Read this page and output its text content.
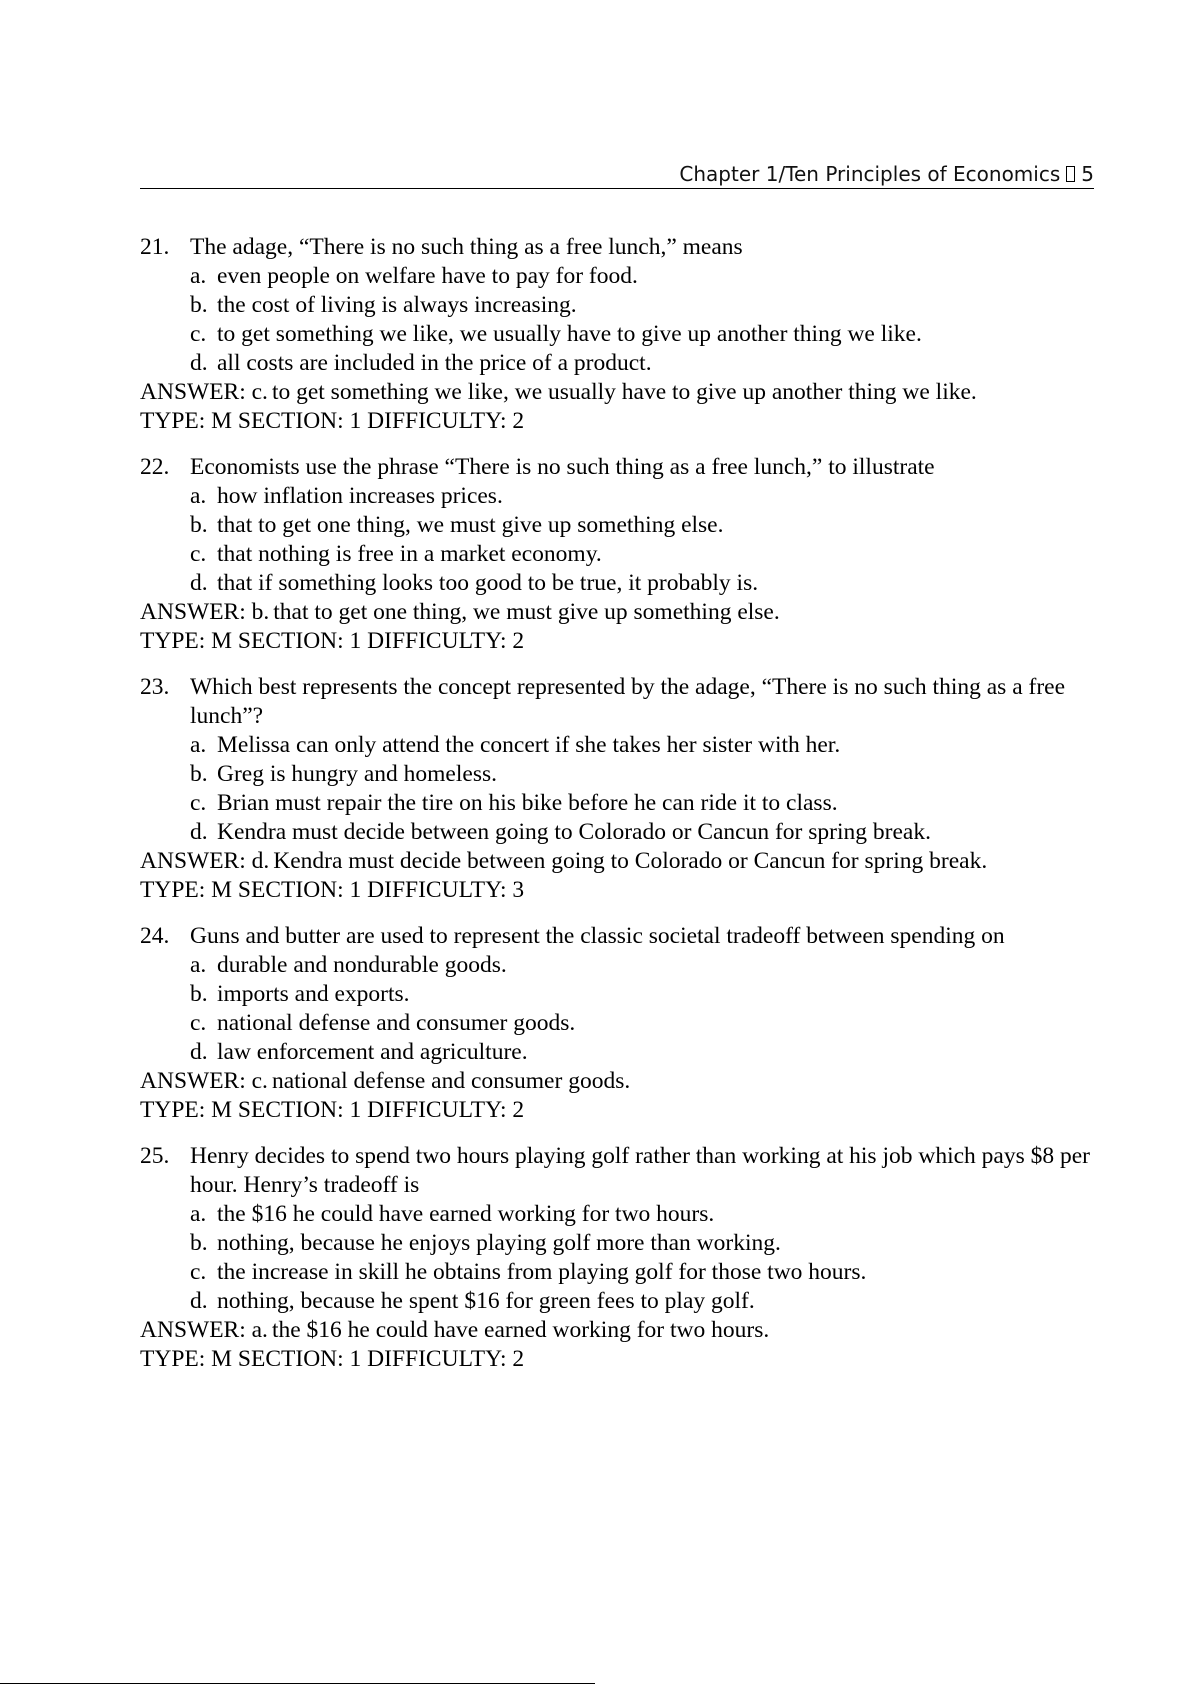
Chapter 1/Ten Principles of Economics 5
21. The adage, “There is no such thing as a free lunch,” means
a. even people on welfare have to pay for food.
b. the cost of living is always increasing.
c. to get something we like, we usually have to give up another thing we like.
d. all costs are included in the price of a product.
ANSWER: c. to get something we like, we usually have to give up another thing we like.
TYPE: M SECTION: 1 DIFFICULTY: 2
22. Economists use the phrase “There is no such thing as a free lunch,” to illustrate
a. how inflation increases prices.
b. that to get one thing, we must give up something else.
c. that nothing is free in a market economy.
d. that if something looks too good to be true, it probably is.
ANSWER: b. that to get one thing, we must give up something else.
TYPE: M SECTION: 1 DIFFICULTY: 2
23. Which best represents the concept represented by the adage, “There is no such thing as a free lunch”?
a. Melissa can only attend the concert if she takes her sister with her.
b. Greg is hungry and homeless.
c. Brian must repair the tire on his bike before he can ride it to class.
d. Kendra must decide between going to Colorado or Cancun for spring break.
ANSWER: d. Kendra must decide between going to Colorado or Cancun for spring break.
TYPE: M SECTION: 1 DIFFICULTY: 3
24. Guns and butter are used to represent the classic societal tradeoff between spending on
a. durable and nondurable goods.
b. imports and exports.
c. national defense and consumer goods.
d. law enforcement and agriculture.
ANSWER: c. national defense and consumer goods.
TYPE: M SECTION: 1 DIFFICULTY: 2
25. Henry decides to spend two hours playing golf rather than working at his job which pays $8 per hour. Henry’s tradeoff is
a. the $16 he could have earned working for two hours.
b. nothing, because he enjoys playing golf more than working.
c. the increase in skill he obtains from playing golf for those two hours.
d. nothing, because he spent $16 for green fees to play golf.
ANSWER: a. the $16 he could have earned working for two hours.
TYPE: M SECTION: 1 DIFFICULTY: 2
